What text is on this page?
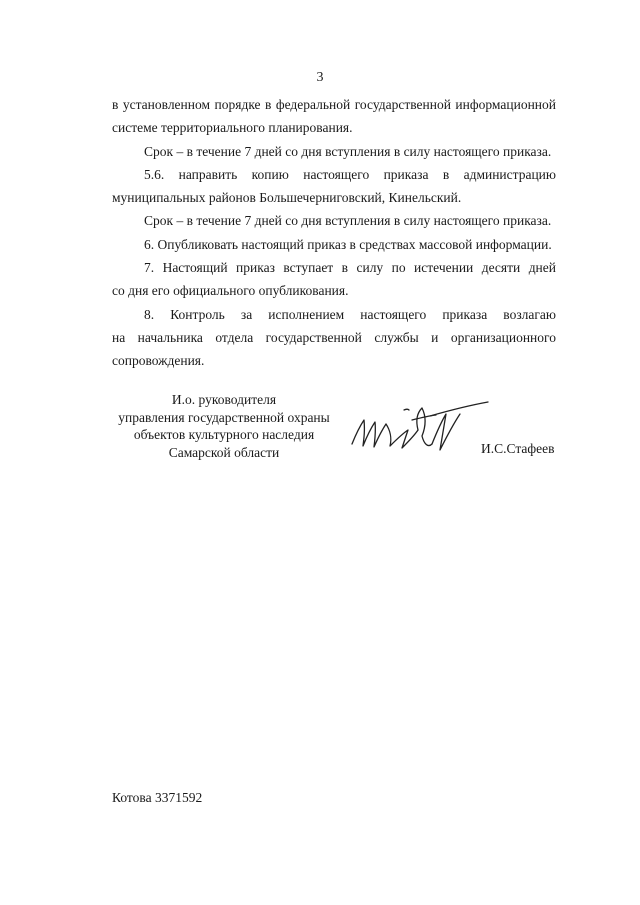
3

в установленном порядке в федеральной государственной информационной

системе территориального планирования.

Срок – в течение 7 дней со дня вступления в силу настоящего приказа.

5.6. направить копию настоящего приказа в администрацию

муниципальных районов Большечерниговский, Кинельский.

Срок – в течение 7 дней со дня вступления в силу настоящего приказа.

6. Опубликовать настоящий приказ в средствах массовой информации.

7. Настоящий приказ вступает в силу по истечении десяти дней

со дня его официального опубликования.

8. Контроль за исполнением настоящего приказа возлагаю

на начальника отдела государственной службы и организационного

сопровождения.

И.о. руководителя
управления государственной охраны
объектов культурного наследия
Самарской области	И.С.Стафеев
Котова 3371592
